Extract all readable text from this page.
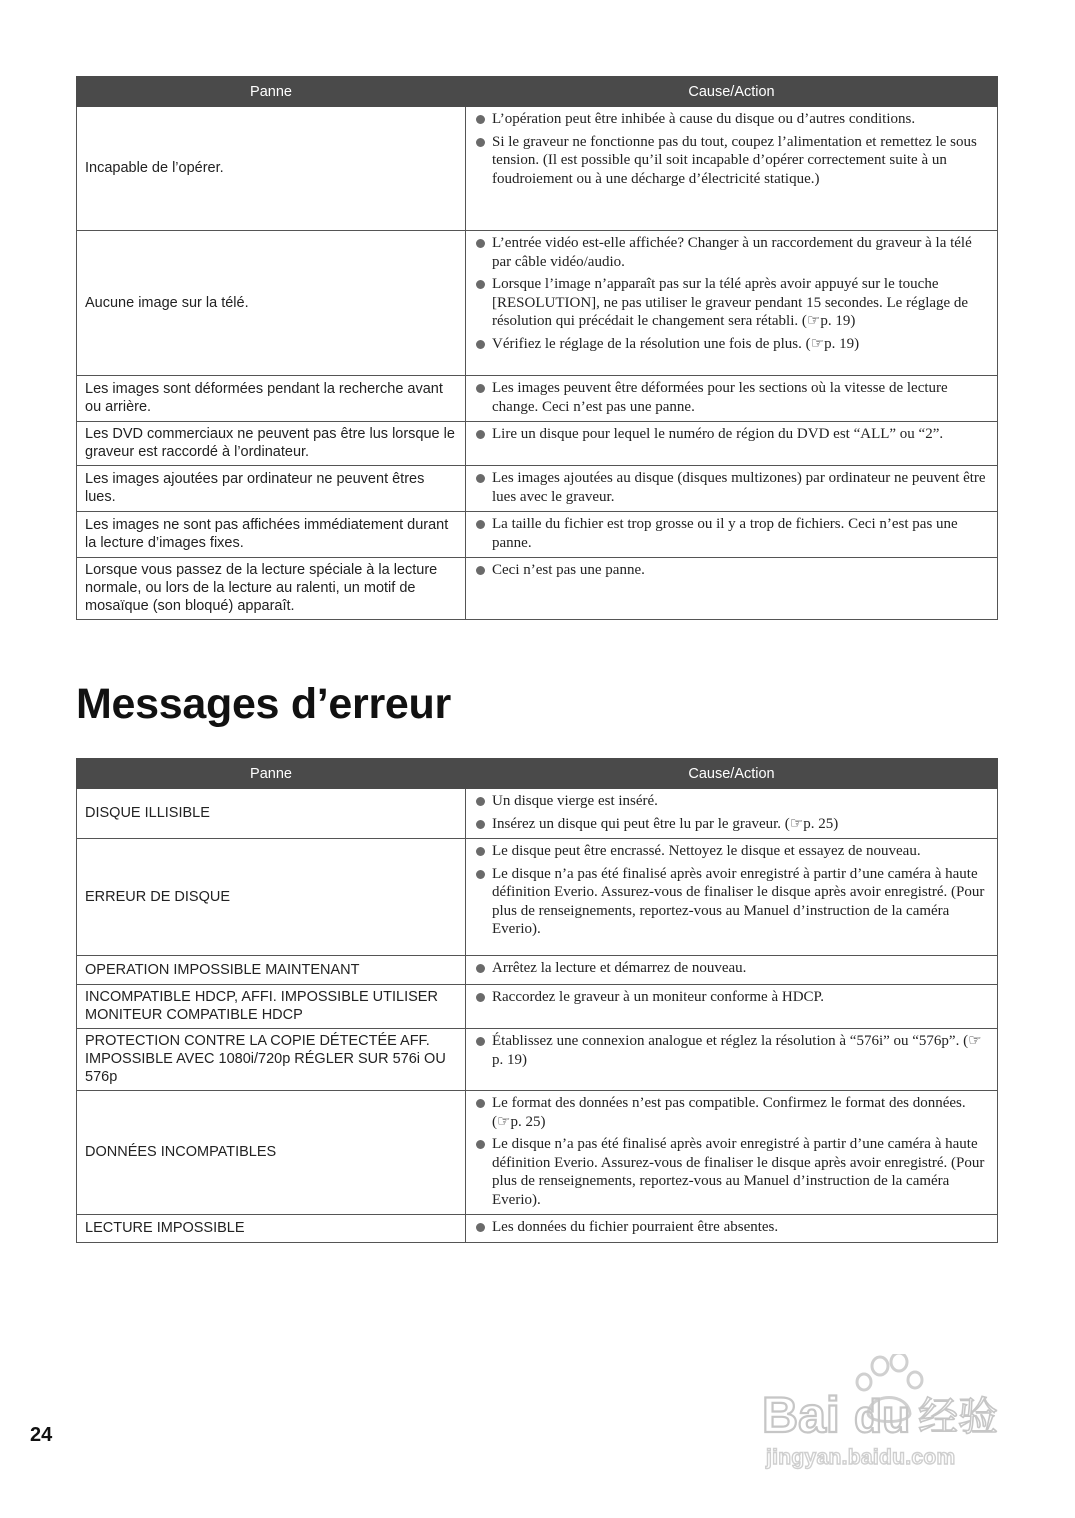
Panne	Cause/Action
Incapable de l’opérer.	L’opération peut être inhibée à cause du disque ou d’autres conditions.
Si le graveur ne fonctionne pas du tout, coupez l’alimentation et remettez le sous tension. (Il est possible qu’il soit incapable d’opérer correctement suite à un foudroiement ou à une décharge d’électricité statique.)

Aucune image sur la télé.	L’entrée vidéo est-elle affichée? Changer à un raccordement du graveur à la télé par câble vidéo/audio.
Lorsque l’image n’apparaît pas sur la télé après avoir appuyé sur le touche [RESOLUTION], ne pas utiliser le graveur pendant 15 secondes. Le réglage de résolution qui précédait le changement sera rétabli. (☞p. 19)
Vérifiez le réglage de la résolution une fois de plus. (☞p. 19)

Les images sont déformées pendant la recherche avant ou arrière.	Les images peuvent être déformées pour les sections où la vitesse de lecture change. Ceci n’est pas une panne.

Les DVD commerciaux ne peuvent pas être lus lorsque le graveur est raccordé à l’ordinateur.	Lire un disque pour lequel le numéro de région du DVD est “ALL” ou “2”.

Les images ajoutées par ordinateur ne peuvent êtres lues.	Les images ajoutées au disque (disques multizones) par ordinateur ne peuvent être lues avec le graveur.

Les images ne sont pas affichées immédiatement durant la lecture d’images fixes.	La taille du fichier est trop grosse ou il y a trop de fichiers. Ceci n’est pas une panne.

Lorsque vous passez de la lecture spéciale à la lecture normale, ou lors de la lecture au ralenti, un motif de mosaïque (son bloqué) apparaît.	Ceci n’est pas une panne.
Messages d’erreur
Panne	Cause/Action
DISQUE ILLISIBLE	Un disque vierge est inséré.
Insérez un disque qui peut être lu par le graveur. (☞p. 25)

ERREUR DE DISQUE	Le disque peut être encrassé. Nettoyez le disque et essayez de nouveau.
Le disque n’a pas été finalisé après avoir enregistré à partir d’une caméra à haute définition Everio. Assurez-vous de finaliser le disque après avoir enregistré. (Pour plus de renseignements, reportez-vous au Manuel d’instruction de la caméra Everio).

OPERATION IMPOSSIBLE MAINTENANT	Arrêtez la lecture et démarrez de nouveau.

INCOMPATIBLE HDCP, AFFI. IMPOSSIBLE UTILISER MONITEUR COMPATIBLE HDCP	Raccordez le graveur à un moniteur conforme à HDCP.

PROTECTION CONTRE LA COPIE DÉTECTÉE AFF. IMPOSSIBLE AVEC 1080i/720p RÉGLER SUR 576i OU 576p	Établissez une connexion analogue et réglez la résolution à “576i” ou “576p”. (☞p. 19)

DONNÉES INCOMPATIBLES	Le format des données n’est pas compatible. Confirmez le format des données. (☞p. 25)
Le disque n’a pas été finalisé après avoir enregistré à partir d’une caméra à haute définition Everio. Assurez-vous de finaliser le disque après avoir enregistré. (Pour plus de renseignements, reportez-vous au Manuel d’instruction de la caméra Everio).

LECTURE IMPOSSIBLE	Les données du fichier pourraient être absentes.
Bai du 经验
jingyan.baidu.com
24
